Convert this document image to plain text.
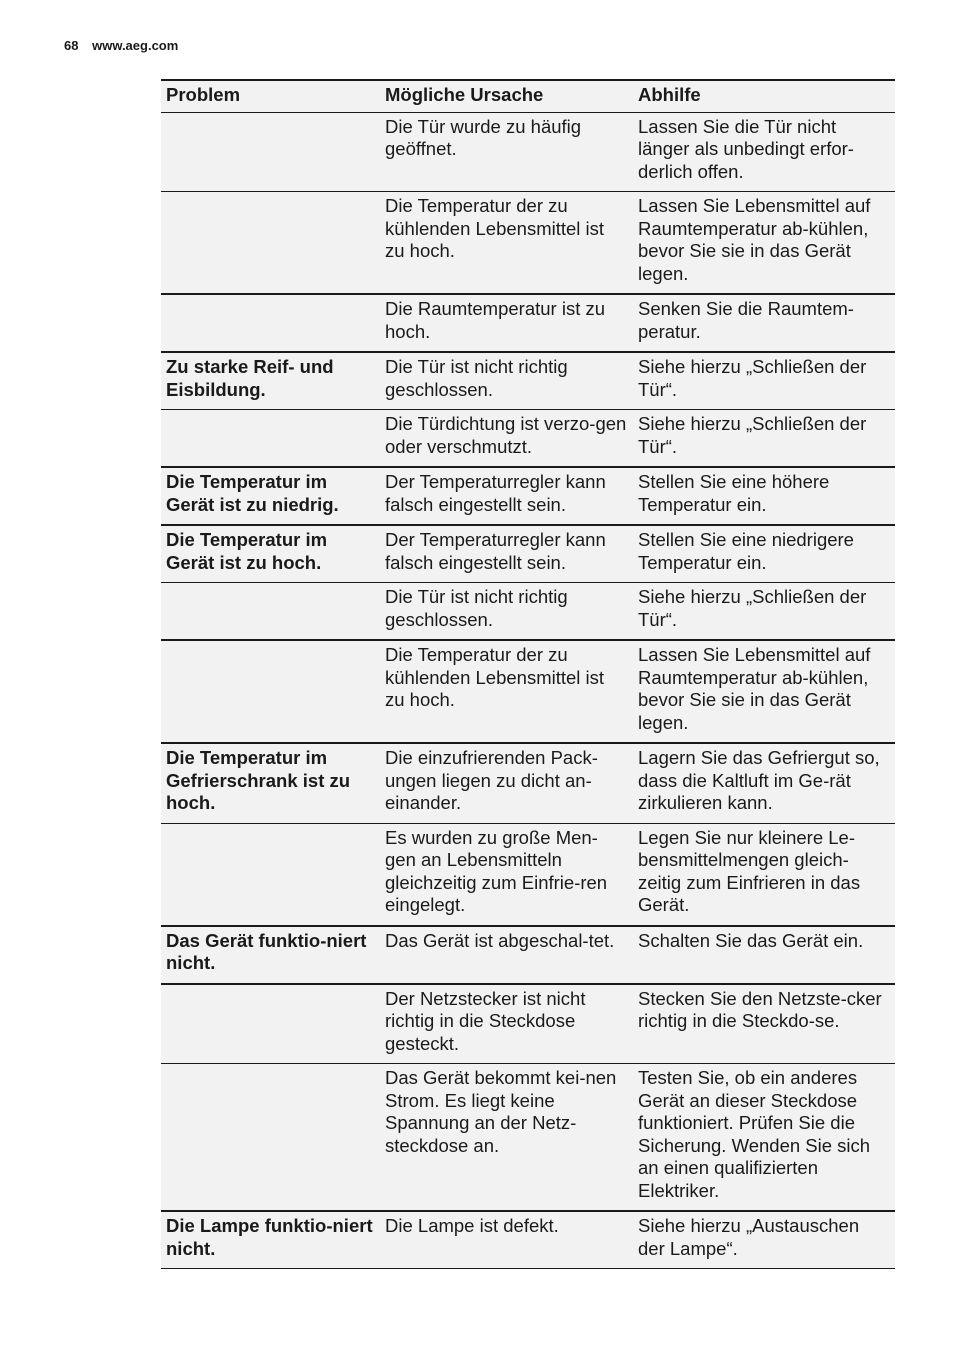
68 www.aeg.com
Problem	Mögliche Ursache	Abhilfe
	Die Tür wurde zu häufig geöffnet.	Lassen Sie die Tür nicht länger als unbedingt erfor-derlich offen.
	Die Temperatur der zu kühlenden Lebensmittel ist zu hoch.	Lassen Sie Lebensmittel auf Raumtemperatur ab-kühlen, bevor Sie sie in das Gerät legen.
	Die Raumtemperatur ist zu hoch.	Senken Sie die Raumtem-peratur.
Zu starke Reif- und Eisbildung.	Die Tür ist nicht richtig geschlossen.	Siehe hierzu „Schließen der Tür“.
	Die Türdichtung ist verzo-gen oder verschmutzt.	Siehe hierzu „Schließen der Tür“.
Die Temperatur im Gerät ist zu niedrig.	Der Temperaturregler kann falsch eingestellt sein.	Stellen Sie eine höhere Temperatur ein.
Die Temperatur im Gerät ist zu hoch.	Der Temperaturregler kann falsch eingestellt sein.	Stellen Sie eine niedrigere Temperatur ein.
	Die Tür ist nicht richtig geschlossen.	Siehe hierzu „Schließen der Tür“.
	Die Temperatur der zu kühlenden Lebensmittel ist zu hoch.	Lassen Sie Lebensmittel auf Raumtemperatur ab-kühlen, bevor Sie sie in das Gerät legen.
Die Temperatur im Gefrierschrank ist zu hoch.	Die einzufrierenden Pack-ungen liegen zu dicht an-einander.	Lagern Sie das Gefriergut so, dass die Kaltluft im Ge-rät zirkulieren kann.
	Es wurden zu große Men-gen an Lebensmitteln gleichzeitig zum Einfrie-ren eingelegt.	Legen Sie nur kleinere Le-bensmittelmengen gleich-zeitig zum Einfrieren in das Gerät.
Das Gerät funktio-niert nicht.	Das Gerät ist abgeschal-tet.	Schalten Sie das Gerät ein.
	Der Netzstecker ist nicht richtig in die Steckdose gesteckt.	Stecken Sie den Netzste-cker richtig in die Steckdo-se.
	Das Gerät bekommt kei-nen Strom. Es liegt keine Spannung an der Netz-steckdose an.	Testen Sie, ob ein anderes Gerät an dieser Steckdose funktioniert. Prüfen Sie die Sicherung. Wenden Sie sich an einen qualifizierten Elektriker.
Die Lampe funktio-niert nicht.	Die Lampe ist defekt.	Siehe hierzu „Austauschen der Lampe“.
